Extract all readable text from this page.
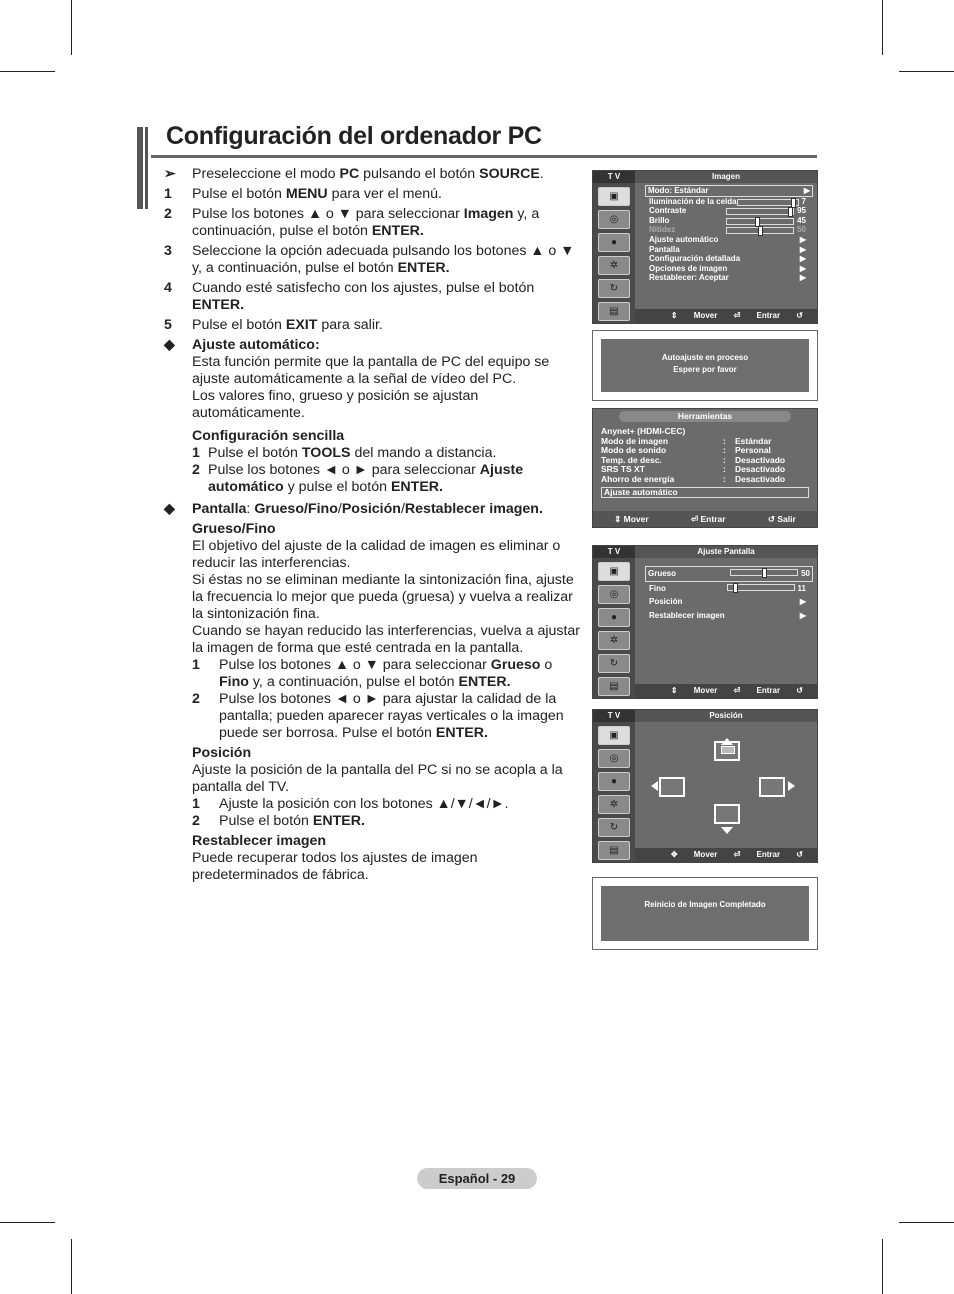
Configuración del ordenador PC
➢	Preseleccione el modo PC pulsando el botón SOURCE.
1	Pulse el botón MENU para ver el menú.
2	Pulse los botones ▲ o ▼ para seleccionar Imagen y, a continuación, pulse el botón ENTER.
3	Seleccione la opción adecuada pulsando los botones ▲ o ▼ y, a continuación, pulse el botón ENTER.
4	Cuando esté satisfecho con los ajustes, pulse el botón ENTER.
5	Pulse el botón EXIT para salir.
◆	Ajuste automático:
Esta función permite que la pantalla de PC del equipo se ajuste automáticamente a la señal de vídeo del PC.
Los valores fino, grueso y posición se ajustan automáticamente.
Configuración sencilla
1 Pulse el botón TOOLS del mando a distancia.
2 Pulse los botones ◄ o ► para seleccionar Ajuste automático y pulse el botón ENTER.
◆	Pantalla: Grueso/Fino/Posición/Restablecer imagen.
Grueso/Fino
El objetivo del ajuste de la calidad de imagen es eliminar o reducir las interferencias.
Si éstas no se eliminan mediante la sintonización fina, ajuste la frecuencia lo mejor que pueda (gruesa) y vuelva a realizar la sintonización fina.
Cuando se hayan reducido las interferencias, vuelva a ajustar la imagen de forma que esté centrada en la pantalla.
1	Pulse los botones ▲ o ▼ para seleccionar Grueso o Fino y, a continuación, pulse el botón ENTER.
2	Pulse los botones ◄ o ► para ajustar la calidad de la pantalla; pueden aparecer rayas verticales o la imagen puede ser borrosa. Pulse el botón ENTER.
Posición
Ajuste la posición de la pantalla del PC si no se acopla a la pantalla del TV.
1	Ajuste la posición con los botones ▲/▼/◄/►.
2	Pulse el botón ENTER.
Restablecer imagen
Puede recuperar todos los ajustes de imagen predeterminados de fábrica.
T V	Imagen
▣
◎
●
✲
↻
▤
Modo : Estándar	▶
Iluminación de la celda	7
Contraste	95
Brillo	45
Nitidez	50
Ajuste automático	▶
Pantalla	▶
Configuración detallada	▶
Opciones de imagen	▶
Restablecer : Aceptar	▶
⇕ Mover ⏎ Entrar ↺
Autoajuste en proceso
Espere por favor
Herramientas
Anynet+ (HDMI-CEC)
Modo de imagen	:	Estándar
Modo de sonido	:	Personal
Temp. de desc.	:	Desactivado
SRS TS XT	:	Desactivado
Ahorro de energía	:	Desactivado
Ajuste automático
⇕ Mover	⏎ Entrar	↺ Salir
T V	Ajuste Pantalla
▣
◎
●
✲
↻
▤
Grueso	50
Fino	11
Posición	▶
Restablecer imagen	▶
⇕ Mover ⏎ Entrar ↺ Volver
T V	Posición
▣
◎
●
✲
↻
▤	✥ Mover ⏎ Entrar ↺ Volver
Reinicio de Imagen Completado
Español - 29
